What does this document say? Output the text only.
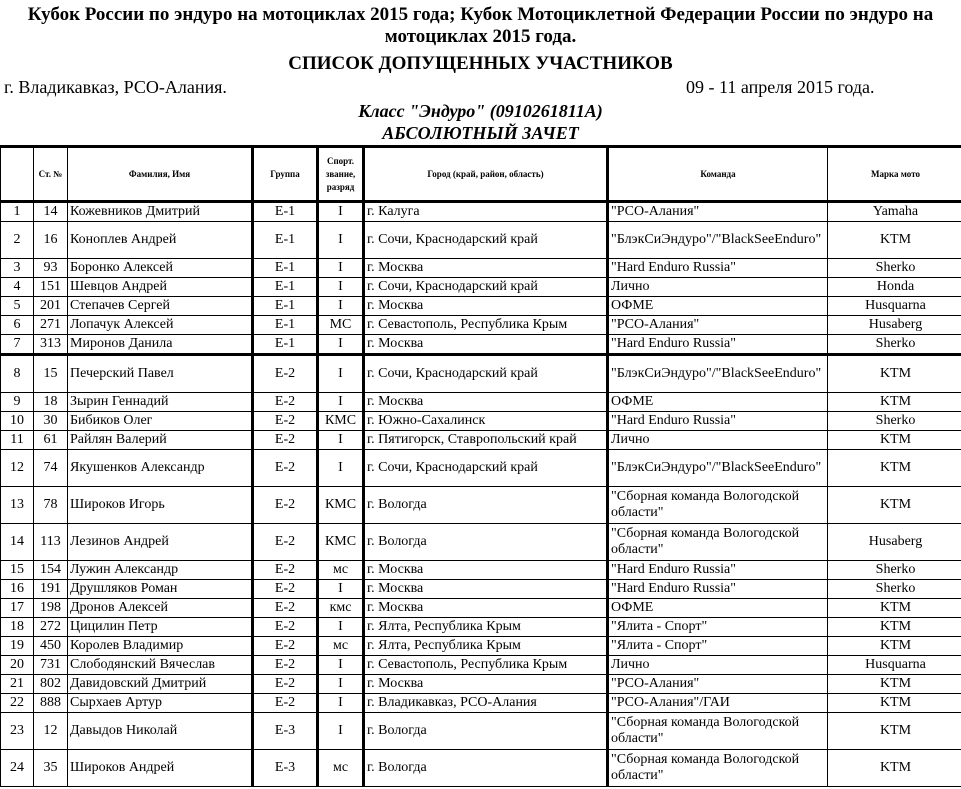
Кубок России по эндуро на мотоциклах 2015 года; Кубок Мотоциклетной Федерации России по эндуро на мотоциклах 2015 года.
СПИСОК ДОПУЩЕННЫХ УЧАСТНИКОВ
г. Владикавказ, РСО-Алания.	09 - 11 апреля 2015 года.
Класс "Эндуро" (0910261811А)
АБСОЛЮТНЫЙ ЗАЧЕТ
	Ст. №	Фамилия, Имя	Группа	Спорт. звание, разряд	Город (край, район, область)	Команда	Марка мото
1	14	Кожевников Дмитрий	E-1	I	г. Калуга	"РСО-Алания"	Yamaha
2	16	Коноплев Андрей	E-1	I	г. Сочи, Краснодарский край	"БлэкСиЭндуро"/"BlackSeeEnduro"	KTM
3	93	Боронко Алексей	E-1	I	г. Москва	"Hard Enduro Russia"	Sherko
4	151	Шевцов Андрей	E-1	I	г. Сочи, Краснодарский край	Лично	Honda
5	201	Степачев Сергей	E-1	I	г. Москва	ОФМЕ	Husquarna
6	271	Лопачук Алексей	E-1	МС	г. Севастополь, Республика Крым	"РСО-Алания"	Husaberg
7	313	Миронов Данила	E-1	I	г. Москва	"Hard Enduro Russia"	Sherko
8	15	Печерский Павел	E-2	I	г. Сочи, Краснодарский край	"БлэкСиЭндуро"/"BlackSeeEnduro"	KTM
9	18	Зырин Геннадий	E-2	I	г. Москва	ОФМЕ	KTM
10	30	Бибиков Олег	E-2	КМС	г. Южно-Сахалинск	"Hard Enduro Russia"	Sherko
11	61	Райлян Валерий	E-2	I	г. Пятигорск, Ставропольский край	Лично	KTM
12	74	Якушенков Александр	E-2	I	г. Сочи, Краснодарский край	"БлэкСиЭндуро"/"BlackSeeEnduro"	KTM
13	78	Широков Игорь	E-2	КМС	г. Вологда	"Сборная команда Вологодской области"	KTM
14	113	Лезинов Андрей	E-2	КМС	г. Вологда	"Сборная команда Вологодской области"	Husaberg
15	154	Лужин Александр	E-2	мс	г. Москва	"Hard Enduro Russia"	Sherko
16	191	Друшляков Роман	E-2	I	г. Москва	"Hard Enduro Russia"	Sherko
17	198	Дронов Алексей	E-2	кмс	г. Москва	ОФМЕ	KTM
18	272	Цицилин Петр	E-2	I	г. Ялта, Республика Крым	"Ялита - Спорт"	KTM
19	450	Королев Владимир	E-2	мс	г. Ялта, Республика Крым	"Ялита - Спорт"	KTM
20	731	Слободянский Вячеслав	E-2	I	г. Севастополь, Республика Крым	Лично	Husquarna
21	802	Давидовский Дмитрий	E-2	I	г. Москва	"РСО-Алания"	KTM
22	888	Сырхаев Артур	E-2	I	г. Владикавказ, РСО-Алания	"РСО-Алания"/ГАИ	KTM
23	12	Давыдов Николай	E-3	I	г. Вологда	"Сборная команда Вологодской области"	KTM
24	35	Широков Андрей	E-3	мс	г. Вологда	"Сборная команда Вологодской области"	KTM
